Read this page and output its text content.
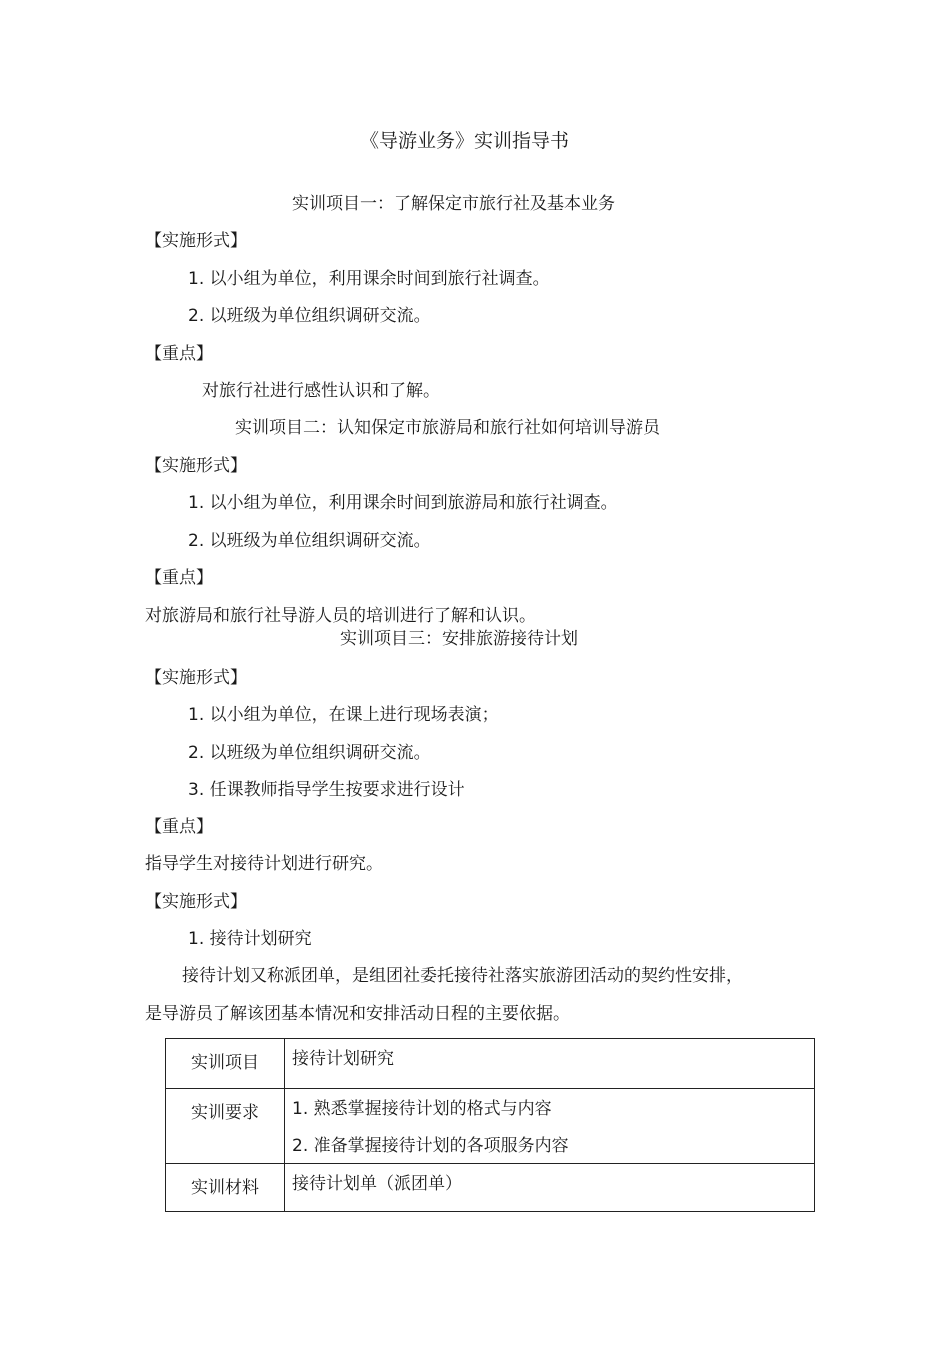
《导游业务》实训指导书
实训项目一：了解保定市旅行社及基本业务
【实施形式】
1. 以小组为单位，利用课余时间到旅行社调查。
2. 以班级为单位组织调研交流。
【重点】
对旅行社进行感性认识和了解。
实训项目二：认知保定市旅游局和旅行社如何培训导游员
【实施形式】
1. 以小组为单位，利用课余时间到旅游局和旅行社调查。
2. 以班级为单位组织调研交流。
【重点】
对旅游局和旅行社导游人员的培训进行了解和认识。
实训项目三：安排旅游接待计划
【实施形式】
1. 以小组为单位，在课上进行现场表演；
2. 以班级为单位组织调研交流。
3. 任课教师指导学生按要求进行设计
【重点】
指导学生对接待计划进行研究。
【实施形式】
1. 接待计划研究
接待计划又称派团单，是组团社委托接待社落实旅游团活动的契约性安排，
是导游员了解该团基本情况和安排活动日程的主要依据。
实训项目	接待计划研究

实训要求	1. 熟悉掌握接待计划的格式与内容
2. 准备掌握接待计划的各项服务内容

实训材料	接待计划单（派团单）
